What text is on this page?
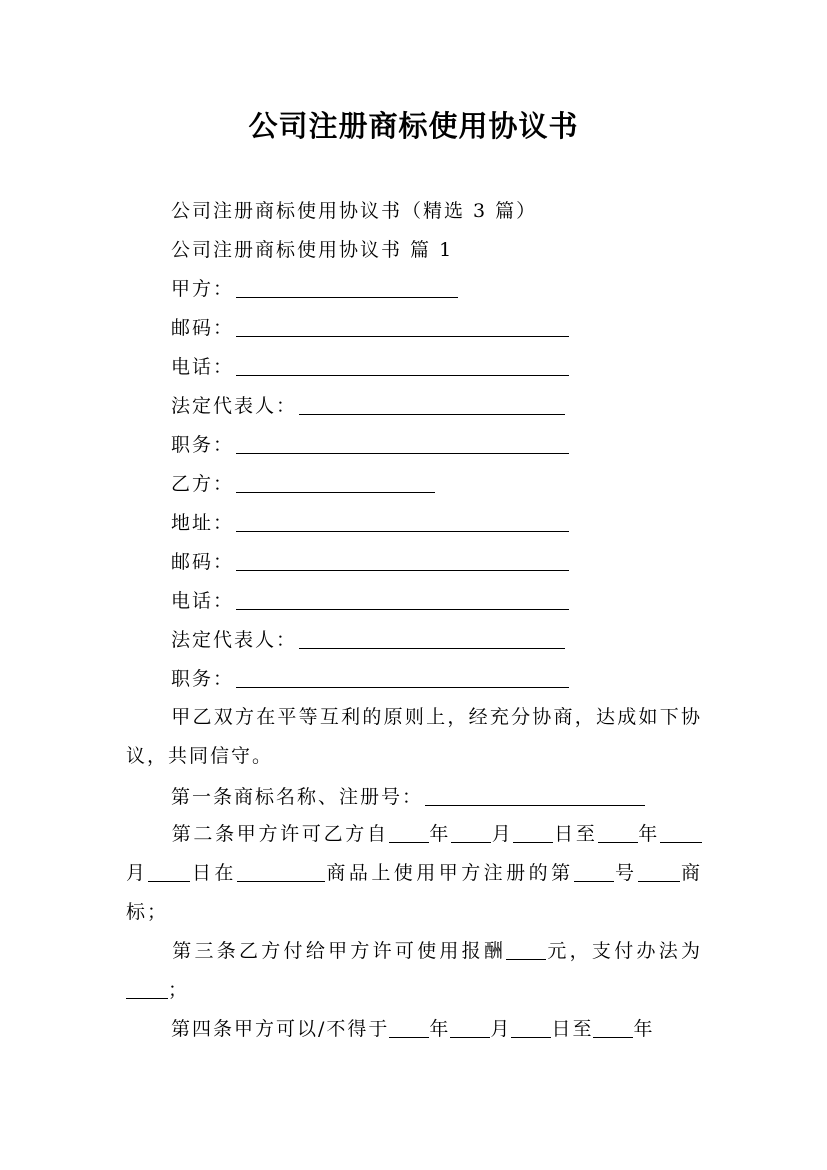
公司注册商标使用协议书
公司注册商标使用协议书（精选 3 篇）
公司注册商标使用协议书 篇 1
甲方：
邮码：
电话：
法定代表人：
职务：
乙方：
地址：
邮码：
电话：
法定代表人：
职务：
甲乙双方在平等互利的原则上，经充分协商，达成如下协议，共同信守。
第一条商标名称、注册号：
第二条甲方许可乙方自 年 月 日至 年月 日在	商品上使用甲方注册的第 号 商标；
第三条乙方付给甲方许可使用报酬 元，支付办法为；
第四条甲方可以/不得于 年 月 日至 年
